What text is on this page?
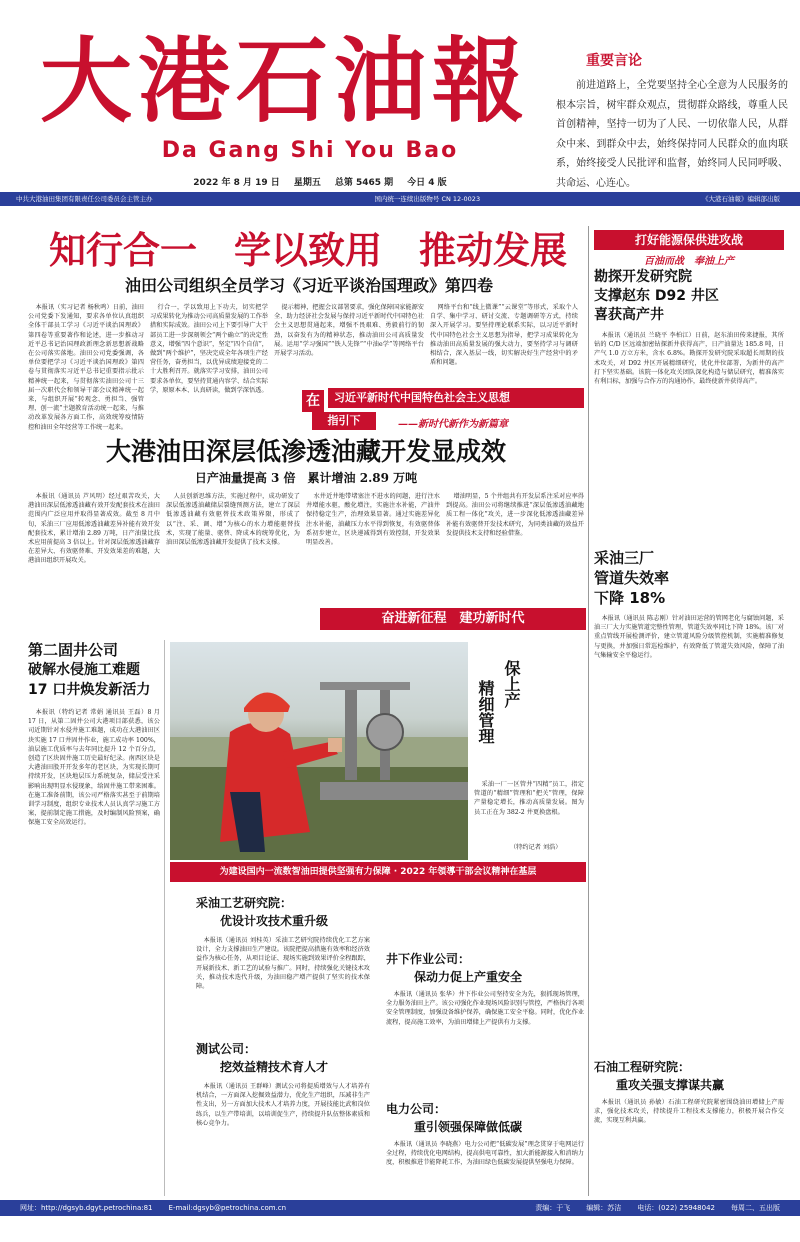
大港石油報
Da Gang Shi You Bao
2022 年 8 月 19 日 星期五 总第 5465 期 今日 4 版
重要言论
前进道路上，全党要坚持全心全意为人民服务的根本宗旨，树牢群众观点，贯彻群众路线，尊重人民首创精神，坚持一切为了人民、一切依靠人民，从群众中来、到群众中去，始终保持同人民群众的血肉联系，始终接受人民批评和监督，始终同人民同呼吸、共命运、心连心。
中共大港油田集团有限责任公司委员会主管主办	国内统一连续出版物号 CN 12-0023	《大港石油報》编辑部出版
知行合一　学以致用　推动发展
油田公司组织全员学习《习近平谈治国理政》第四卷
本报讯（实习记者 杨秋鸣）日前，油田公司党委下发通知，要求各单位认真组织全体干部员工学习《习近平谈治国理政》第四卷等重要著作和论述，进一步推动习近平总书记治国理政新理念新思想新战略在公司落实落地。油田公司党委强调，各单位要把学习《习近平谈治国理政》第四卷与贯彻落实习近平总书记重要指示批示精神统一起来，与贯彻落实油田公司十三届一次职代会和领导干部会议精神统一起来，与组织开展“转观念、勇担当、强管理、创一流”主题教育活动统一起来，与推动改革发展各方面工作，高效统筹疫情防控和油田全年经营等工作统一起来。
行合一，学以致用上下功夫，切实把学习成果转化为推动公司高质量发展的工作举措和实际成效。油田公司上下要引导广大干部员工进一步深刻领会“两个确立”的决定性意义，增强“四个意识”，坚定“四个自信”，做到“两个维护”，坚决完成全年各项生产经营任务，奋勇担当，以优异成绩迎接党的二十大胜利召开。就落实学习安排，油田公司要求各单位，要坚持贯通内容学、结合实际学，原原本本、认真研读，做到学深悟透。
提示精神，把握会议部署要求，强化保障国家能源安全、助力经济社会发展与保持习近平新时代中国特色社会主义思想贯通起来，增强不畏艰难、勇毅前行的韧劲，以奋发有为的精神状态，推动油田公司高质量发展。运用“学习强国”“铁人先锋”“中油e学”等网络平台开展学习活动。
网络平台和“线上微课”“云课堂”等形式，采取个人自学、集中学习、研讨交流、专题调研等方式，持续深入开展学习。要坚持理论联系实际，以习近平新时代中国特色社会主义思想为指导，把学习成果转化为推动油田高质量发展的强大动力，要坚持学习与调研相结合，深入基层一线，切实解决好生产经营中的矛盾和问题。
在	习近平新时代中国特色社会主义思想
指引下	——新时代新作为新篇章
大港油田深层低渗透油藏开发显成效
日产油量提高 3 倍　累计增油 2.89 万吨
本报讯（通讯员 芦风明）经过艰苦攻关，大港油田深层低渗透油藏有效开发配套技术在油田范围内广泛应用并取得显著成效。截至 8 月中旬，采油三厂应用低渗透油藏差异补能有效开发配套技术，累计增油 2.89 万吨，日产油量比技术应用前提高 3 倍以上。针对深层低渗透油藏存在差异大、有效驱替难、开发效果差的难题，大港油田组织开展攻关。
人员创新思维方法，实施过程中，成功研发了深层低渗透油藏储层裂缝预测方法，建立了深层低渗透油藏有效驱替技术政策界限，形成了以“注、采、调、增”为核心的水力增能驱替技术，实现了能量、驱替、降成本的统筹优化，为油田深层低渗透油藏开发提供了技术支撑。
水井近井地带堵塞注不进水的问题，进行注水井增能水驱，酸化增注，实施注水补能，产油井保持稳定生产，治理效果显著。通过实施差异化注水补能，油藏压力水平得到恢复，有效驱替体系初步建立，区块递减得到有效控制，开发效果明显改善。
增油明显，5 个井组共有开发层系注采对应率得到提高。油田公司将继续推进“深层低渗透油藏地质工程一体化”攻关，进一步深化低渗透油藏差异补能有效驱替开发技术研究，为同类油藏的效益开发提供技术支持和经验借鉴。
奋进新征程　建功新时代
第二固井公司
破解水侵施工难题
17 口井焕发新活力
本报讯（特约记者 常娟 通讯员 王磊）8 月 17 日，从第二固井公司大港项目部获悉，该公司近期针对水侵井施工难题，成功在大港油田区块实施 17 口井固井作业，施工成功率 100%，油层施工优质率与去年同比提升 12 个百分点，创造了区块固井施工历史最好纪录。南西区块是大港油田股开开发多年的老区块，为实现长期可持续开发，区块地层压力系统复杂，储层受注采影响出现明显水侵现象，给固井施工带来困难。在施工准备前期，该公司严格落实甚至于前期培训学习制度，组织专业技术人员认真学习施工方案，提前制定施工措施，及时编制风险预案，确保施工安全高效运行。
保上产
精细管理
采油一厂一区管井“四精”员工，指定管道的“精细”管理和“把关”管理，保障产量稳定增长，推动高质量发展。图为员工正在为 382-2 井更换盘根。
（特约记者 刘浩）
为建设国内一流数智油田提供坚强有力保障 · 2022 年領導干部会议精神在基层
采油工艺研究院：
优设计攻技术重升级
本报讯（通讯员 刘桂英）采油工艺研究院持续优化工艺方案设计，全力支撑油田生产建设。该院把提高措施有效率和经济效益作为核心任务，从项目论证、现场实施到效果评价全程跟踪，开展新技术、新工艺的试验与推广。同时，持续强化关键技术攻关，推动技术迭代升级，为油田稳产增产提供了坚实的技术保障。
测试公司：
挖效益精技术育人才
本报讯（通讯员 王群峰）测试公司将提质增效与人才培养有机结合，一方面深入挖掘效益潜力，优化生产组织，压减非生产性支出，另一方面加大技术人才培养力度，开展技能比武和岗位练兵，以生产带培训，以培训促生产，持续提升队伍整体素质和核心竞争力。
井下作业公司：
保动力促上产重安全
本报讯（通讯员 张华）井下作业公司坚持安全为先，狠抓现场管理，全力服务油田上产。该公司强化作业现场风险识别与管控，严格执行各项安全管理制度，加强设备维护保养，确保施工安全平稳。同时，优化作业流程，提高施工效率，为油田增储上产提供有力支撑。
电力公司：
重引领强保障做低碳
本报讯（通讯员 李晓燕）电力公司把“低碳发展”理念贯穿于电网运行全过程，持续优化电网结构，提高供电可靠性，加大新能源接入和消纳力度，积极推进节能降耗工作，为油田绿色低碳发展提供坚强电力保障。
打好能源保供进攻战
百油而战　奉油上产
勘探开发研究院
支撑赵东 D92 井区
喜获高产井
本报讯（通讯员 兰晓平 李柏江）日前，赵东油田传来捷报，其所钻的 C/D 区远端加密钻探新井获得高产，日产油量达 185.8 吨，日产气 1.0 万立方米，含水 6.8%。勘探开发研究院采取超长周期的技术攻关，对 D92 井区开展精细研究，优化井位部署，为新井的高产打下坚实基础。该院一体化攻关团队深化构造与储层研究，精准落实有利目标，加强与合作方的沟通协作，最终使新井获得高产。
采油三厂
管道失效率
下降 18%
本报讯（通讯员 陈志刚）针对油田运营的管网老化与腐蚀问题，采油三厂大力实施管道完整性管理，管道失效率同比下降 18%。该厂对重点管线开展检测评价，建立管道风险分级管控机制，实施精准修复与更换，并加强日常巡检维护，有效降低了管道失效风险，保障了油气集输安全平稳运行。
石油工程研究院：
重攻关强支撑谋共赢
本报讯（通讯员 孙敏）石油工程研究院紧密围绕油田增储上产需求，强化技术攻关，持续提升工程技术支撑能力，积极开展合作交流，实现互利共赢。
网址：http://dgsyb.dgyt.petrochina:81 E-mail:dgsyb@petrochina.com.cn	责编：于飞 编辑：苏洁 电话：(022) 25948042 每周二、五出版
